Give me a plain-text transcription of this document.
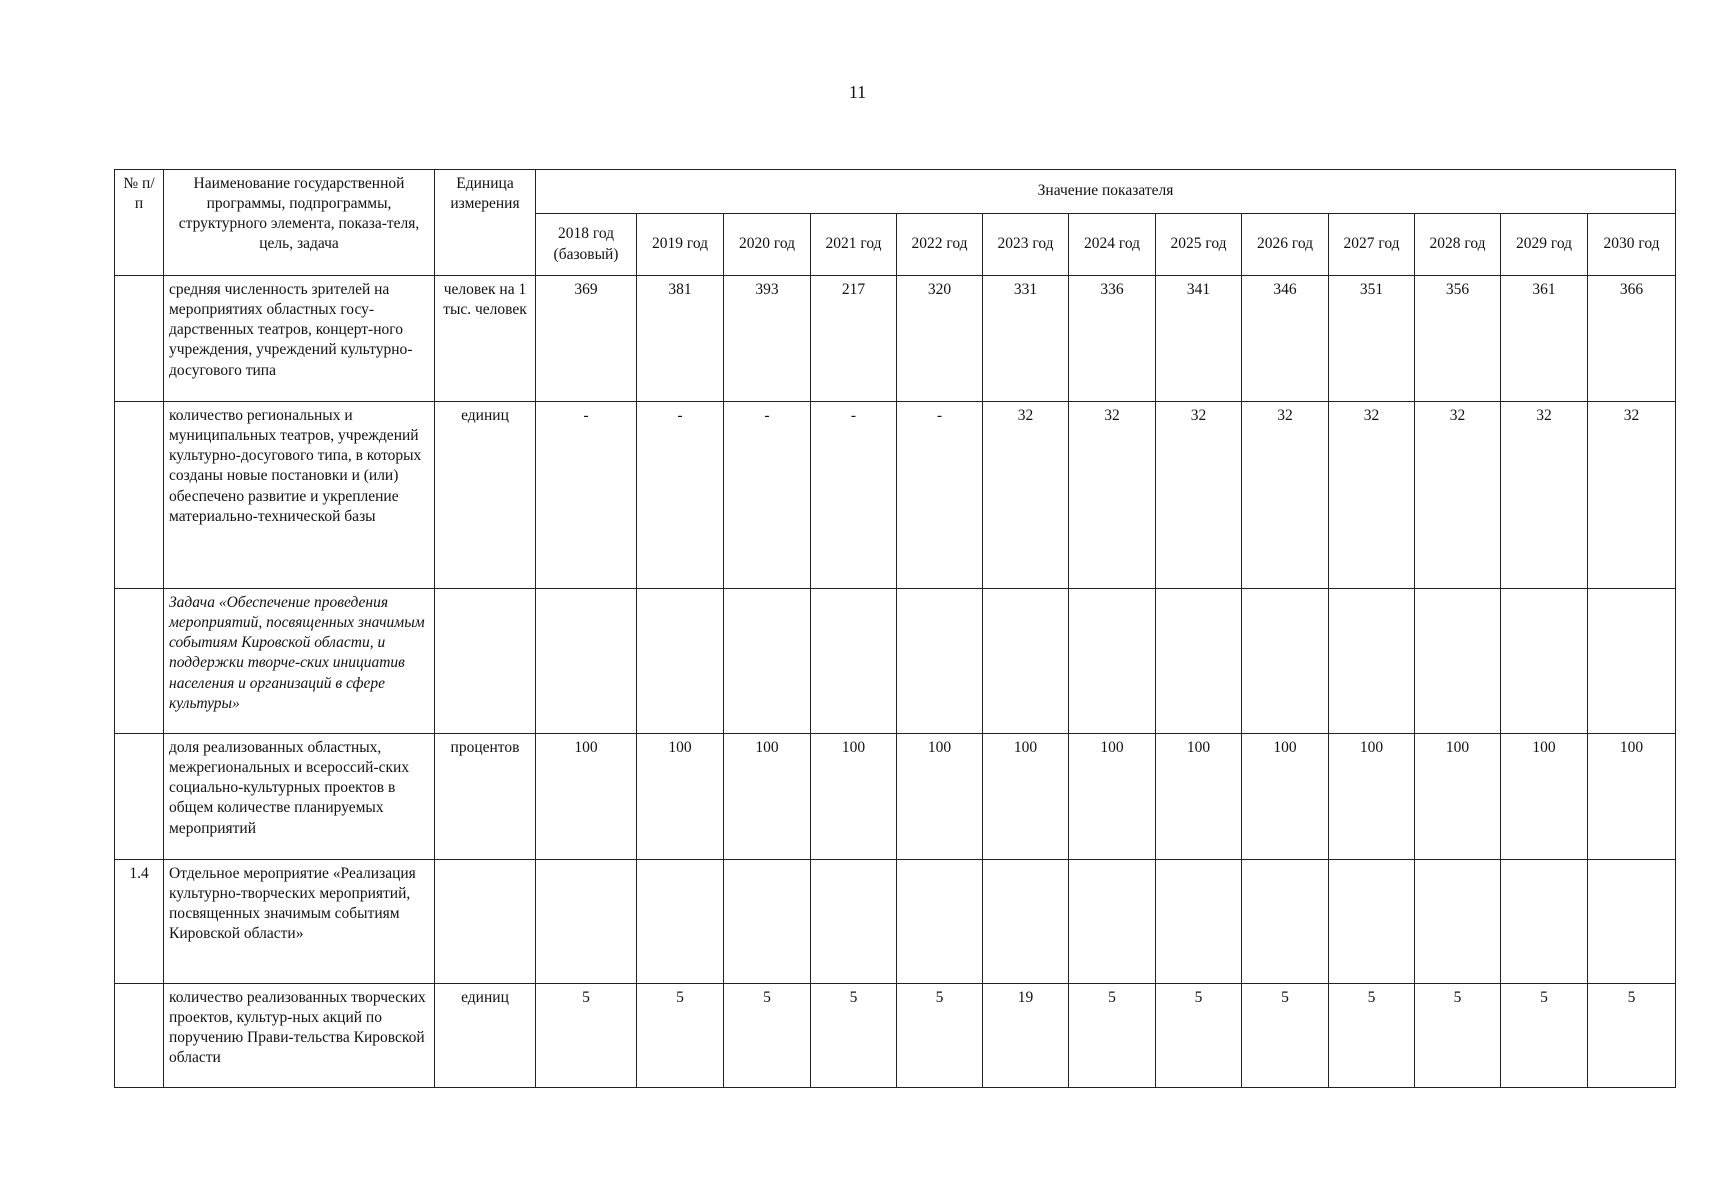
11
№ п/п	Наименование государственной программы, подпрограммы, структурного элемента, показа-теля, цель, задача	Единица измерения	Значение показателя												
			2018 год (базовый)	2019 год	2020 год	2021 год	2022 год	2023 год	2024 год	2025 год	2026 год	2027 год	2028 год	2029 год	2030 год
	средняя численность зрителей на мероприятиях областных госу-дарственных театров, концерт-ного учреждения, учреждений культурно-досугового типа	человек на 1 тыс. человек	369	381	393	217	320	331	336	341	346	351	356	361	366
	количество региональных и муниципальных театров, учреждений культурно-досугового типа, в которых созданы новые постановки и (или) обеспечено развитие и укрепление материально-технической базы	единиц	-	-	-	-	-	32	32	32	32	32	32	32	32
	Задача «Обеспечение проведения мероприятий, посвященных значимым событиям Кировской области, и поддержки творче-ских инициатив населения и организаций в сфере культуры»														
	доля реализованных областных, межрегиональных и всероссий-ских социально-культурных проектов в общем количестве планируемых мероприятий	процентов	100	100	100	100	100	100	100	100	100	100	100	100	100
1.4	Отдельное мероприятие «Реализация культурно-творческих мероприятий, посвященных значимым событиям Кировской области»														
	количество реализованных творческих проектов, культур-ных акций по поручению Прави-тельства Кировской области	единиц	5	5	5	5	5	19	5	5	5	5	5	5	5
